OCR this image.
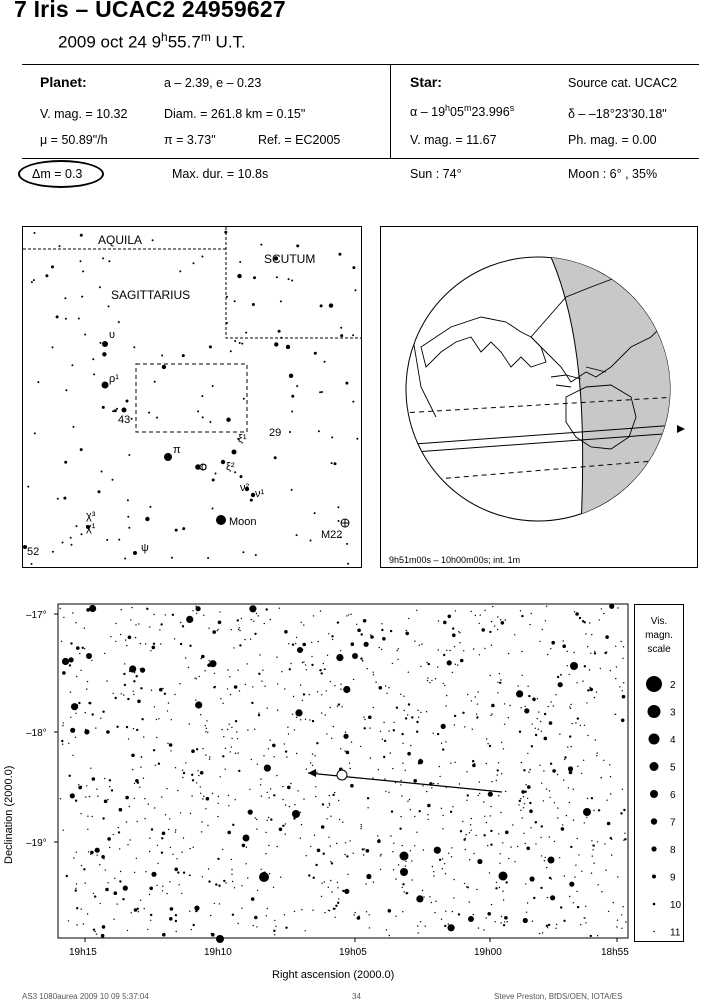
7 Iris – UCAC2 24959627
2009 oct 24 9$^h$55.7$^m$ U.T.
Planet:	a – 2.39, e – 0.23
V. mag. = 10.32	Diam. = 261.8 km = 0.15"
μ = 50.89"/h	π = 3.73"	Ref. = EC2005
Star:	Source cat. UCAC2
α – 19$^h$05$^m$23.996$^s$	δ – –18°23'30.18"
V. mag. = 11.67	Ph. mag. = 0.00
Δm = 0.3	Max. dur. = 10.8s	Sun : 74°	Moon : 6° , 35%
AQUILA
SCUTUM
SAGITTARIUS
υ
ρ¹
43
π
o
ξ¹
ξ²
29
ν² ν¹
χ³
χ¹
ψ
52
Moon
M22
9h51m00s – 10h00m00s; int. 1m
19h15	19h10	19h05	19h00	18h55
–17°
–18°
–19°
Declination (2000.0)
Right ascension (2000.0)
Vis.
magn.
scale
2
3
4
5
6
7
8
9
10
11
AS3 1080aurea 2009 10 09 5:37:04	34	Steve Preston, BfDS/OEN, IOTA/ES
